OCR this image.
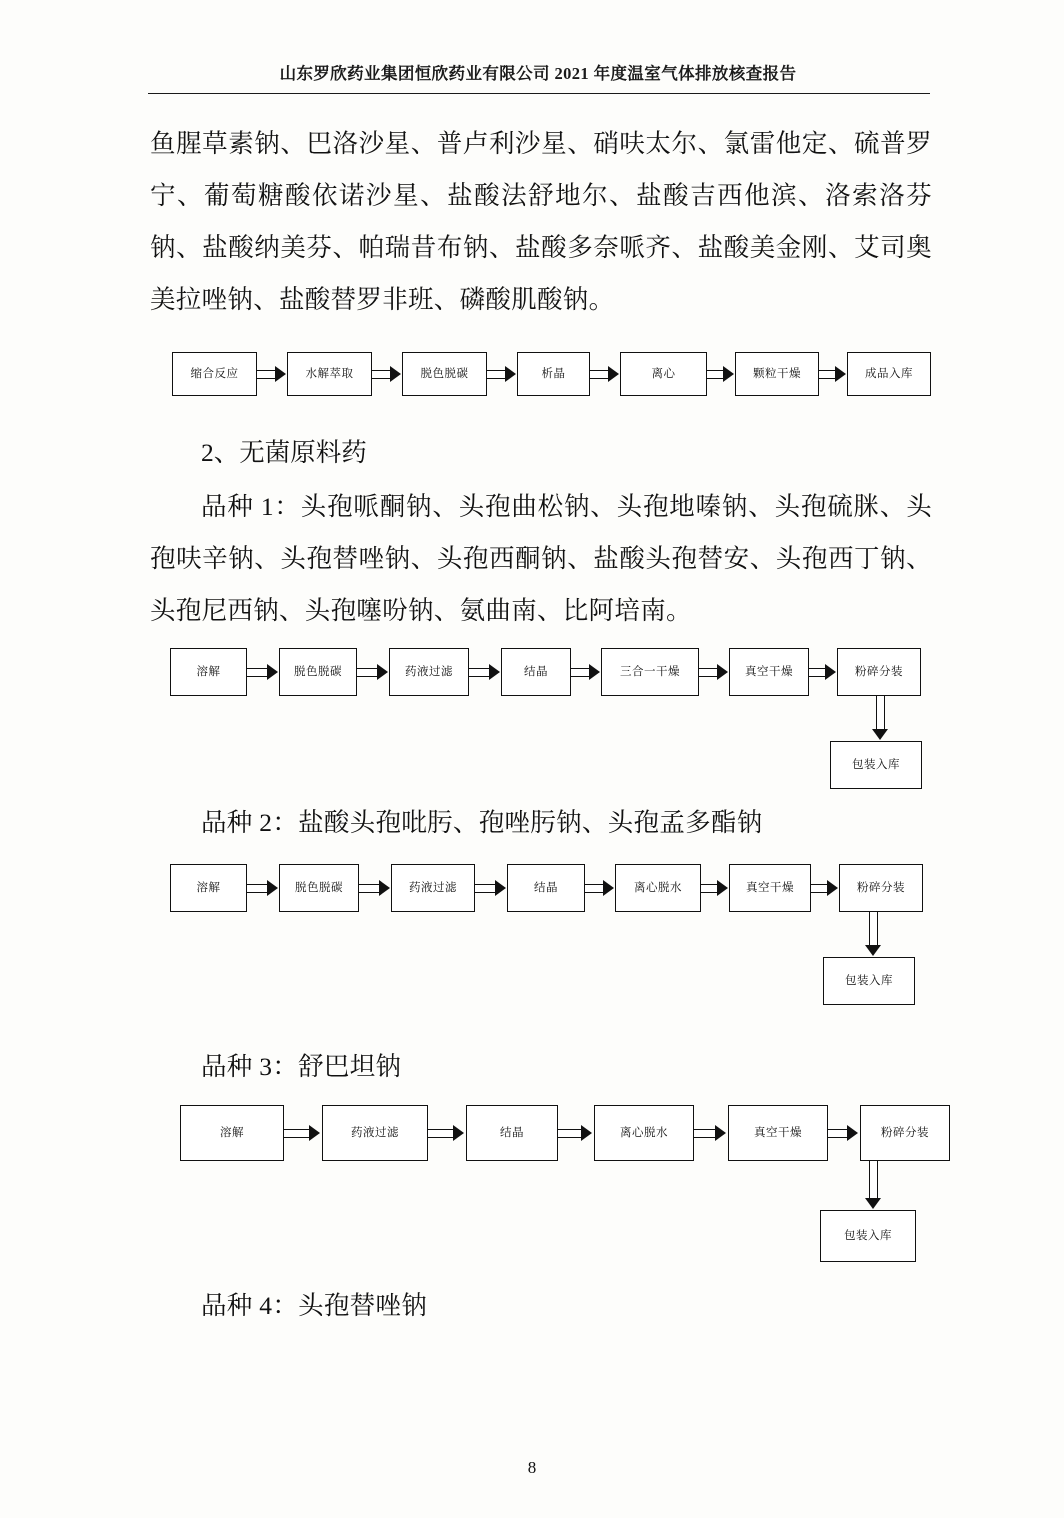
山东罗欣药业集团恒欣药业有限公司 2021 年度温室气体排放核查报告
鱼腥草素钠、巴洛沙星、普卢利沙星、硝呋太尔、氯雷他定、硫普罗宁、葡萄糖酸依诺沙星、盐酸法舒地尔、盐酸吉西他滨、洛索洛芬钠、盐酸纳美芬、帕瑞昔布钠、盐酸多奈哌齐、盐酸美金刚、艾司奥美拉唑钠、盐酸替罗非班、磷酸肌酸钠。
缩合反应	水解萃取	脱色脱碳	析晶	离心	颗粒干燥	成品入库
2、无菌原料药
品种 1：头孢哌酮钠、头孢曲松钠、头孢地嗪钠、头孢硫脒、头孢呋辛钠、头孢替唑钠、头孢西酮钠、盐酸头孢替安、头孢西丁钠、头孢尼西钠、头孢噻吩钠、氨曲南、比阿培南。
溶解	脱色脱碳	药液过滤	结晶	三合一干燥	真空干燥	粉碎分装
包装入库
品种 2：盐酸头孢吡肟、孢唑肟钠、头孢孟多酯钠
溶解	脱色脱碳	药液过滤	结晶	离心脱水	真空干燥	粉碎分装
包装入库
品种 3：舒巴坦钠
溶解	药液过滤	结晶	离心脱水	真空干燥	粉碎分装
包装入库
品种 4：头孢替唑钠
8
